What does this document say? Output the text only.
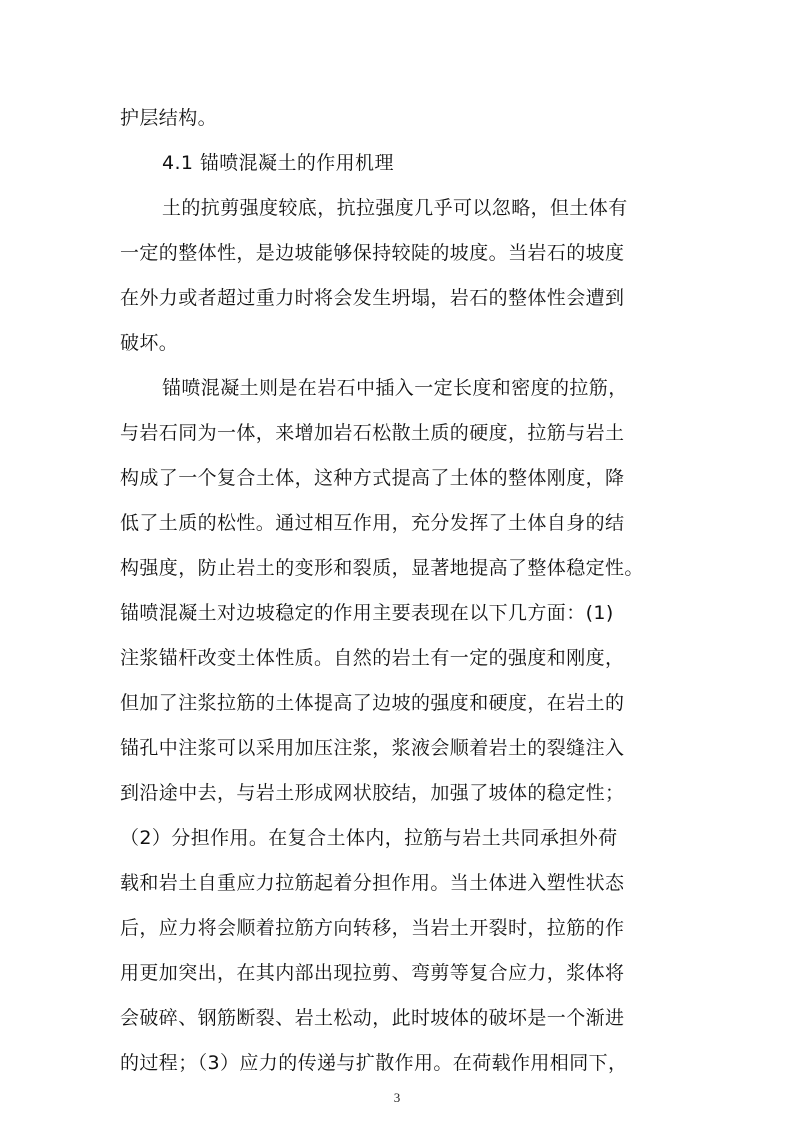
护层结构。
4.1 锚喷混凝土的作用机理
土的抗剪强度较底，抗拉强度几乎可以忽略，但土体有
一定的整体性，是边坡能够保持较陡的坡度。当岩石的坡度
在外力或者超过重力时将会发生坍塌，岩石的整体性会遭到
破坏。
锚喷混凝土则是在岩石中插入一定长度和密度的拉筋，
与岩石同为一体，来增加岩石松散土质的硬度，拉筋与岩土
构成了一个复合土体，这种方式提高了土体的整体刚度，降
低了土质的松性。通过相互作用，充分发挥了土体自身的结
构强度，防止岩土的变形和裂质，显著地提高了整体稳定性。
锚喷混凝土对边坡稳定的作用主要表现在以下几方面：(1)
注浆锚杆改变土体性质。自然的岩土有一定的强度和刚度，
但加了注浆拉筋的土体提高了边坡的强度和硬度，在岩土的
锚孔中注浆可以采用加压注浆，浆液会顺着岩土的裂缝注入
到沿途中去，与岩土形成网状胶结，加强了坡体的稳定性；
（2）分担作用。在复合土体内，拉筋与岩土共同承担外荷
载和岩土自重应力拉筋起着分担作用。当土体进入塑性状态
后，应力将会顺着拉筋方向转移，当岩土开裂时，拉筋的作
用更加突出，在其内部出现拉剪、弯剪等复合应力，浆体将
会破碎、钢筋断裂、岩土松动，此时坡体的破坏是一个渐进
的过程；（3）应力的传递与扩散作用。在荷载作用相同下，
3
